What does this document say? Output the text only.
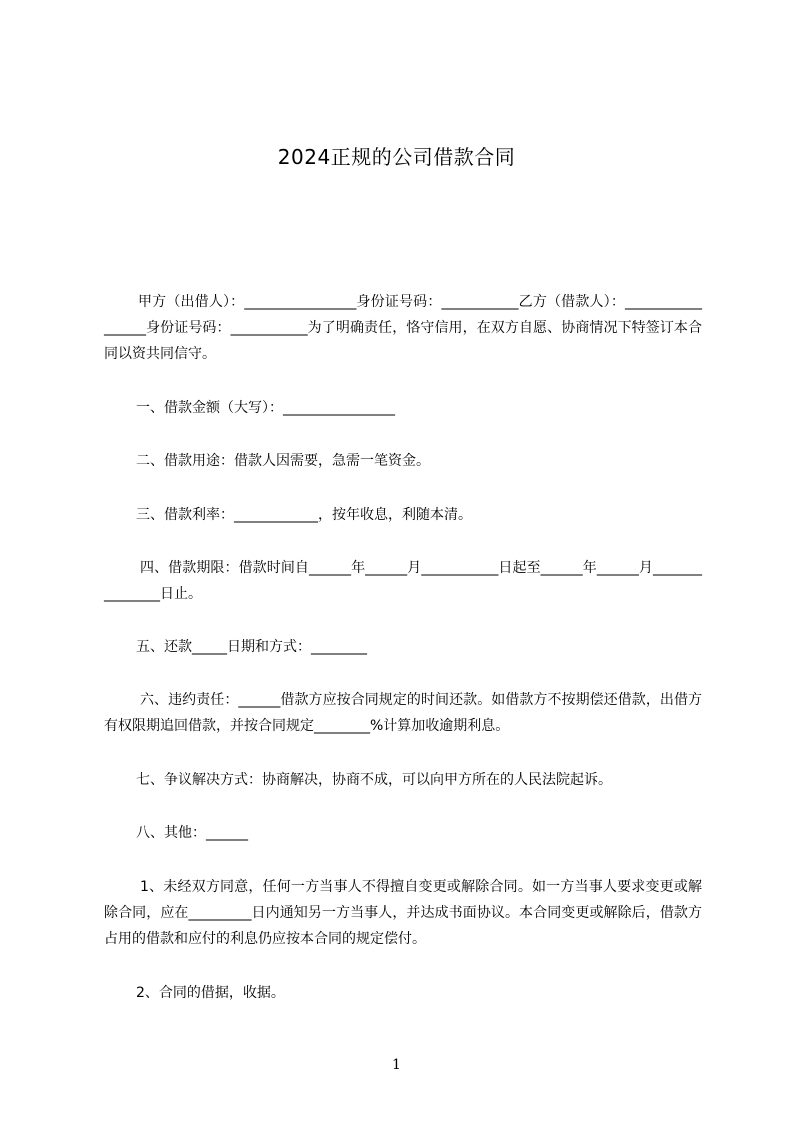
2024正规的公司借款合同
甲方（出借人）：________________身份证号码：___________乙方（借款人）：_________________身份证号码：___________为了明确责任，恪守信用，在双方自愿、协商情况下特签订本合同以资共同信守。
一、借款金额（大写）：________________
二、借款用途：借款人因需要，急需一笔资金。
三、借款利率：____________，按年收息，利随本清。
四、借款期限：借款时间自______年______月___________日起至______年______月_______________日止。
五、还款_____日期和方式：________
六、违约责任：______借款方应按合同规定的时间还款。如借款方不按期偿还借款，出借方有权限期追回借款，并按合同规定________%计算加收逾期利息。
七、争议解决方式：协商解决，协商不成，可以向甲方所在的人民法院起诉。
八、其他：______
1、未经双方同意，任何一方当事人不得擅自变更或解除合同。如一方当事人要求变更或解除合同，应在_________日内通知另一方当事人，并达成书面协议。本合同变更或解除后，借款方占用的借款和应付的利息仍应按本合同的规定偿付。
2、合同的借据，收据。
1
